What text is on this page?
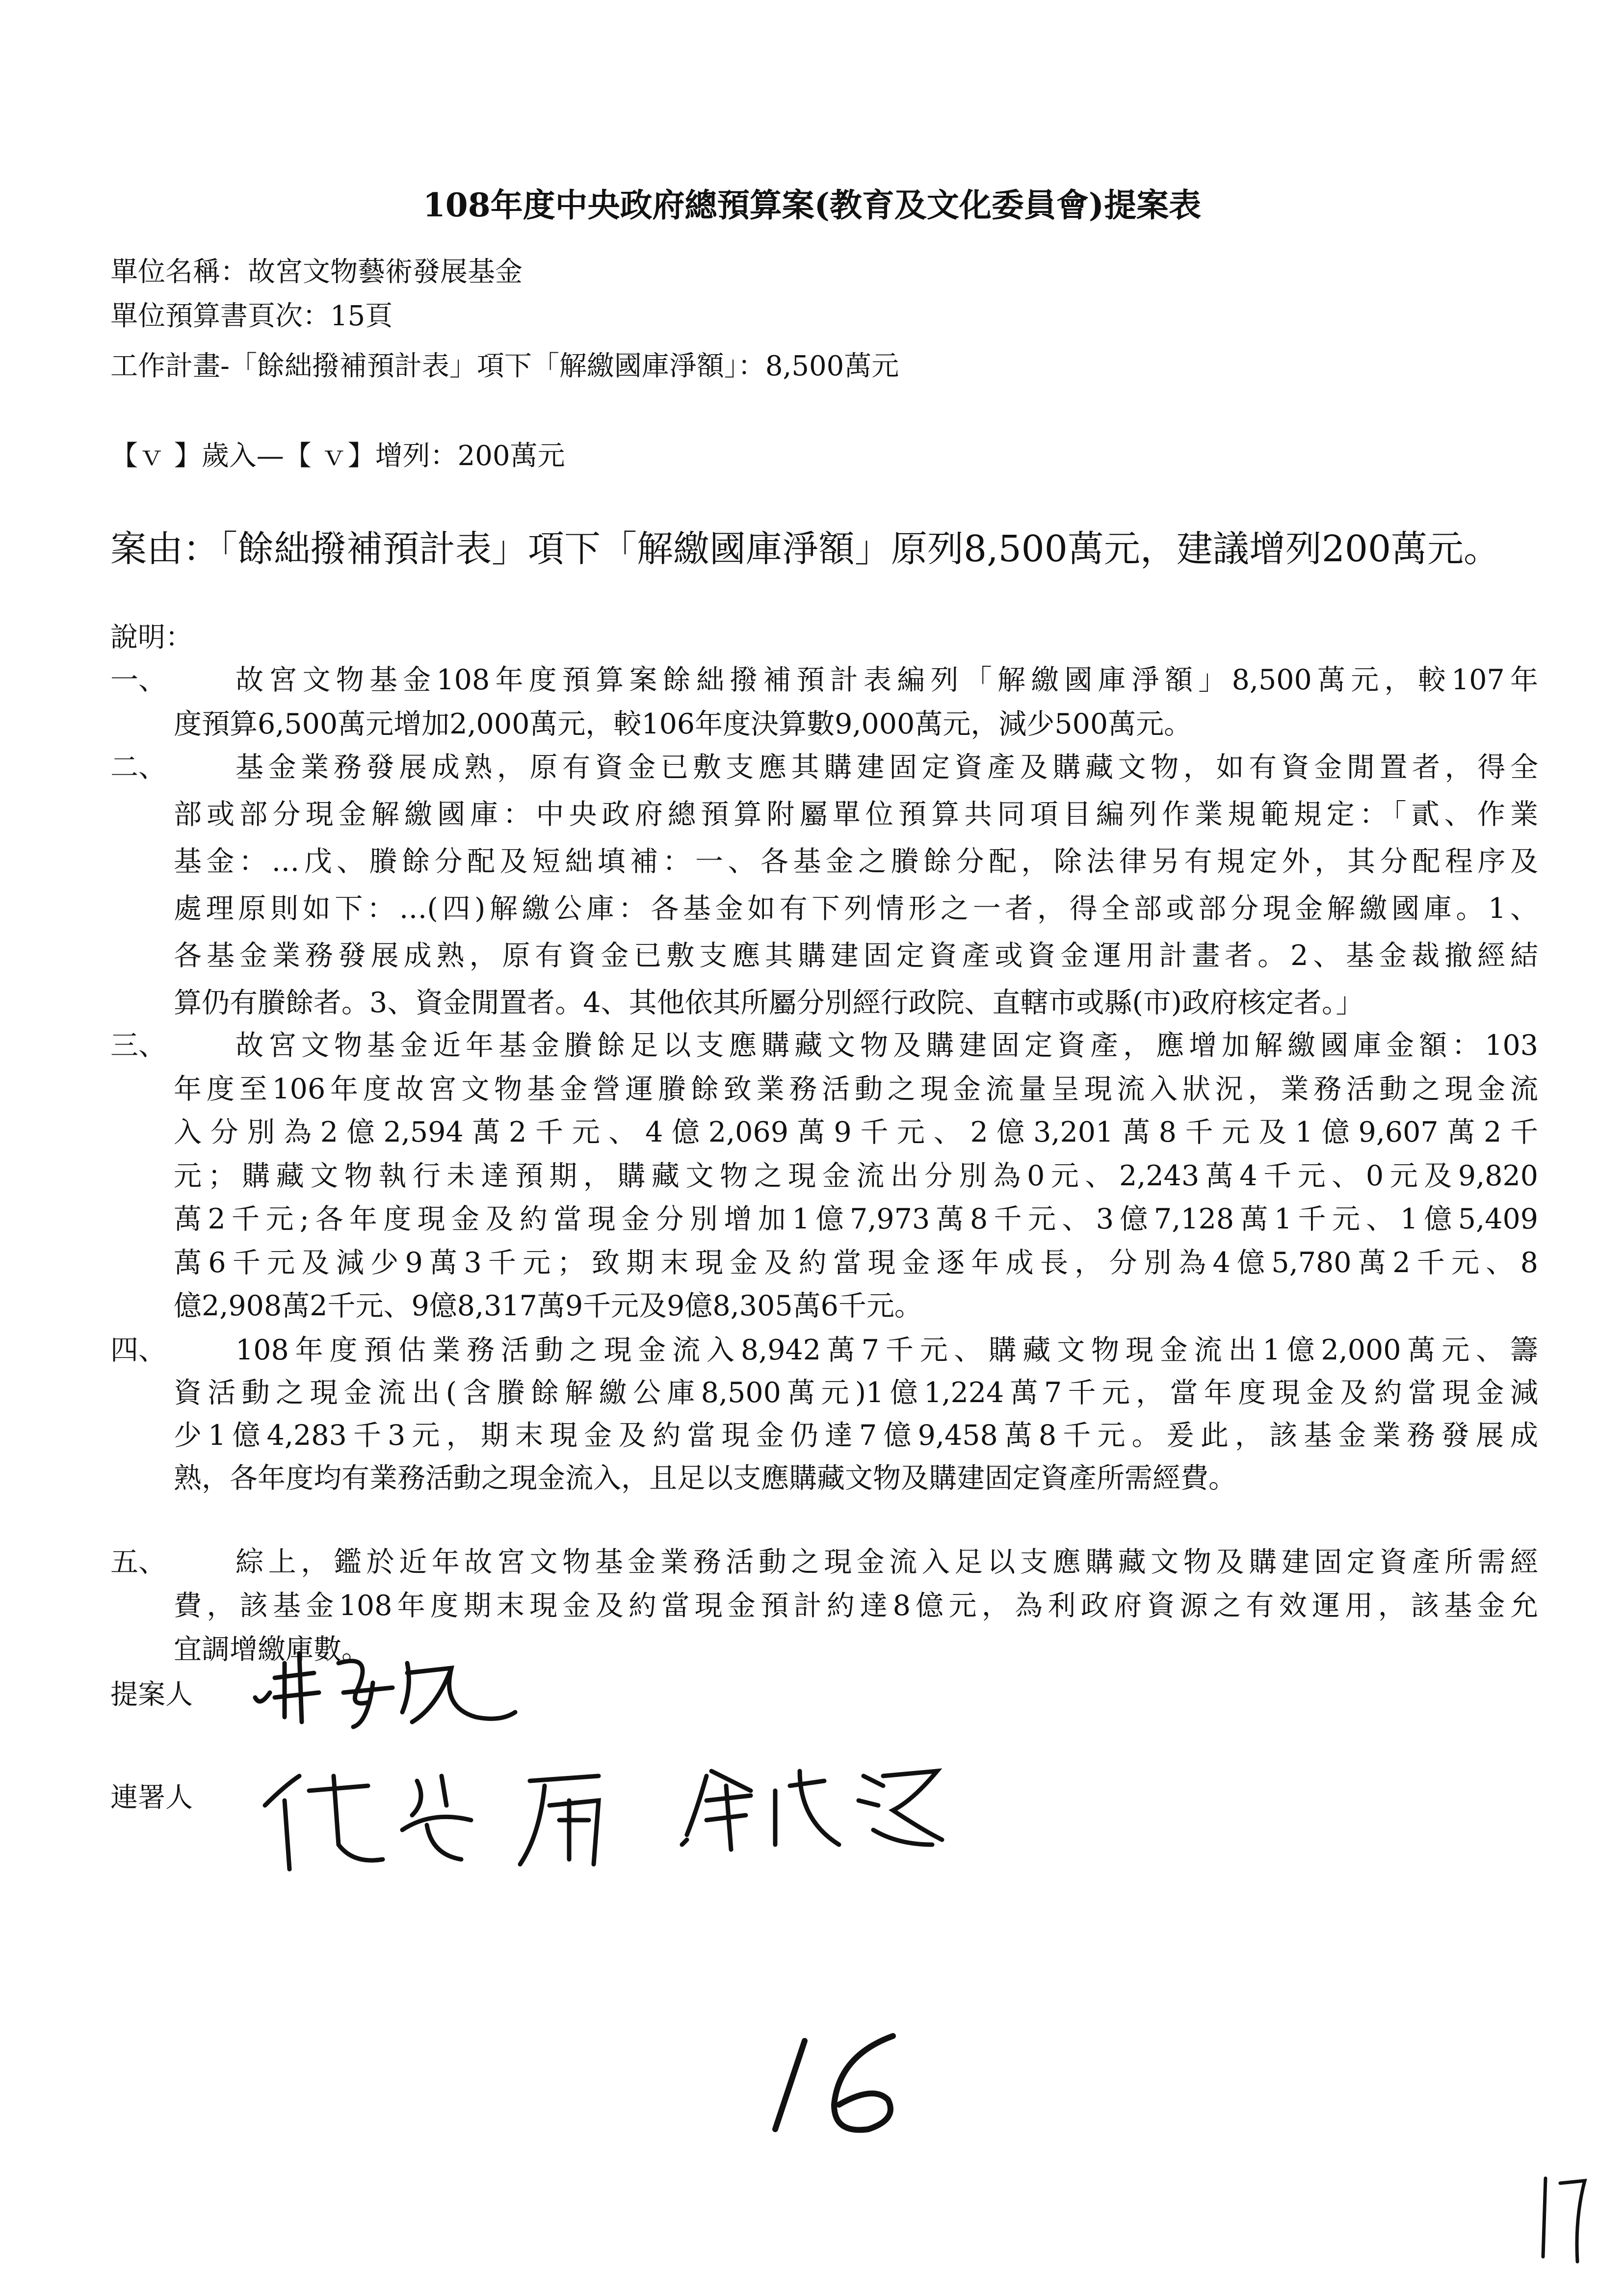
108年度中央政府總預算案(教育及文化委員會)提案表
單位名稱：故宮文物藝術發展基金
單位預算書頁次：15頁
工作計畫-「餘絀撥補預計表」項下「解繳國庫淨額」：8,500萬元
【ｖ 】歲入—【 ｖ】增列：200萬元
案由：「餘絀撥補預計表」項下「解繳國庫淨額」原列8,500萬元，建議增列200萬元。
說明：
一、 故宮文物基金108年度預算案餘絀撥補預計表編列「解繳國庫淨額」8,500萬元，較107年
度預算6,500萬元增加2,000萬元，較106年度決算數9,000萬元，減少500萬元。
二、 基金業務發展成熟，原有資金已敷支應其購建固定資產及購藏文物，如有資金閒置者，得全
部或部分現金解繳國庫：中央政府總預算附屬單位預算共同項目編列作業規範規定：「貳、作業
基金：…戊、賸餘分配及短絀填補：一、各基金之賸餘分配，除法律另有規定外，其分配程序及
處理原則如下：…(四)解繳公庫：各基金如有下列情形之一者，得全部或部分現金解繳國庫。1、
各基金業務發展成熟，原有資金已敷支應其購建固定資產或資金運用計畫者。2、基金裁撤經結
算仍有賸餘者。3、資金閒置者。4、其他依其所屬分別經行政院、直轄市或縣(市)政府核定者。」
三、 故宮文物基金近年基金賸餘足以支應購藏文物及購建固定資產，應增加解繳國庫金額：103
年度至106年度故宮文物基金營運賸餘致業務活動之現金流量呈現流入狀況，業務活動之現金流
入分別為2億2,594萬2千元、4億2,069萬9千元、2億3,201萬8千元及1億9,607萬2千
元；購藏文物執行未達預期，購藏文物之現金流出分別為0元、2,243萬4千元、0元及9,820
萬2千元;各年度現金及約當現金分別增加1億7,973萬8千元、3億7,128萬1千元、1億5,409
萬6千元及減少9萬3千元；致期末現金及約當現金逐年成長，分別為4億5,780萬2千元、8
億2,908萬2千元、9億8,317萬9千元及9億8,305萬6千元。
四、 108年度預估業務活動之現金流入8,942萬7千元、購藏文物現金流出1億2,000萬元、籌
資活動之現金流出(含賸餘解繳公庫8,500萬元)1億1,224萬7千元，當年度現金及約當現金減
少1億4,283千3元，期末現金及約當現金仍達7億9,458萬8千元。爰此，該基金業務發展成
熟，各年度均有業務活動之現金流入，且足以支應購藏文物及購建固定資產所需經費。
五、 綜上，鑑於近年故宮文物基金業務活動之現金流入足以支應購藏文物及購建固定資產所需經
費，該基金108年度期末現金及約當現金預計約達8億元，為利政府資源之有效運用，該基金允
宜調增繳庫數。
提案人
連署人
